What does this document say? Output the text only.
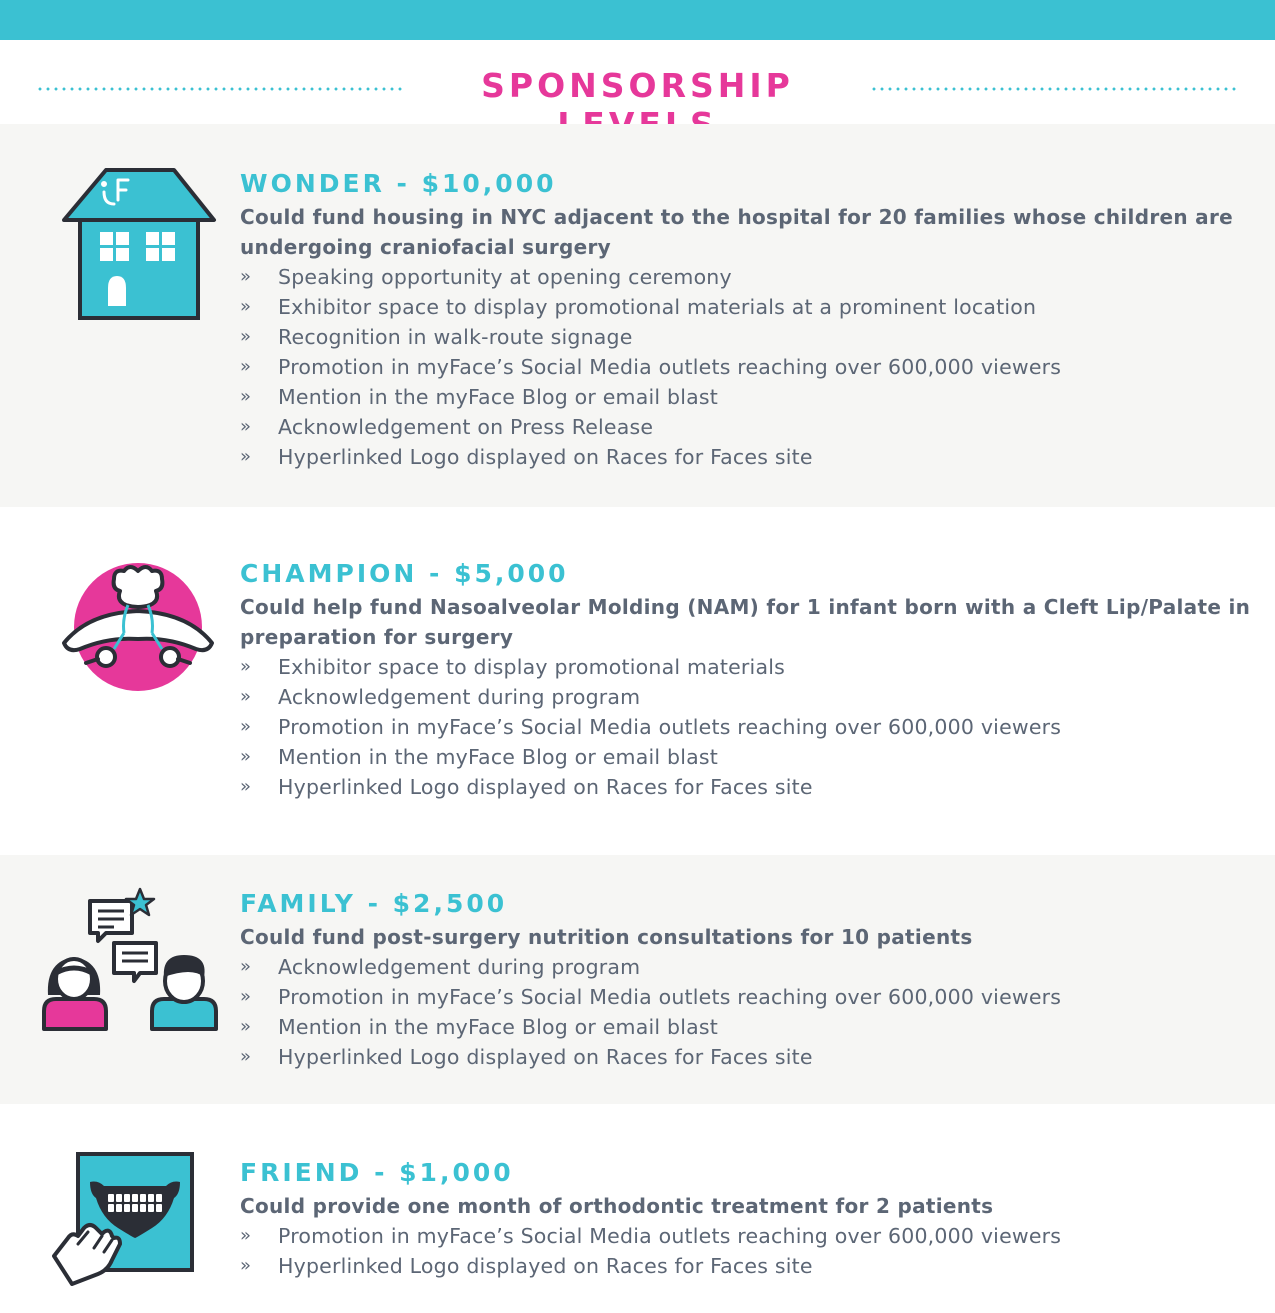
SPONSORSHIP
WONDER - $10,000

Could fund housing in NYC adjacent to the hospital for 20 families whose children are undergoing craniofacial surgery

» Speaking opportunity at opening ceremony
» Exhibitor space to display promotional materials at a prominent location
» Recognition in walk-route signage
» Promotion in myFace’s Social Media outlets reaching over 600,000 viewers
» Mention in the myFace Blog or email blast
» Acknowledgement on Press Release
» Hyperlinked Logo displayed on Races for Faces site
CHAMPION - $5,000

Could help fund Nasoalveolar Molding (NAM) for 1 infant born with a Cleft Lip/Palate in preparation for surgery

» Exhibitor space to display promotional materials
» Acknowledgement during program
» Promotion in myFace’s Social Media outlets reaching over 600,000 viewers
» Mention in the myFace Blog or email blast
» Hyperlinked Logo displayed on Races for Faces site
FAMILY - $2,500

Could fund post-surgery nutrition consultations for 10 patients

» Acknowledgement during program
» Promotion in myFace’s Social Media outlets reaching over 600,000 viewers
» Mention in the myFace Blog or email blast
» Hyperlinked Logo displayed on Races for Faces site
FRIEND - $1,000

Could provide one month of orthodontic treatment for 2 patients

» Promotion in myFace’s Social Media outlets reaching over 600,000 viewers
» Hyperlinked Logo displayed on Races for Faces site
